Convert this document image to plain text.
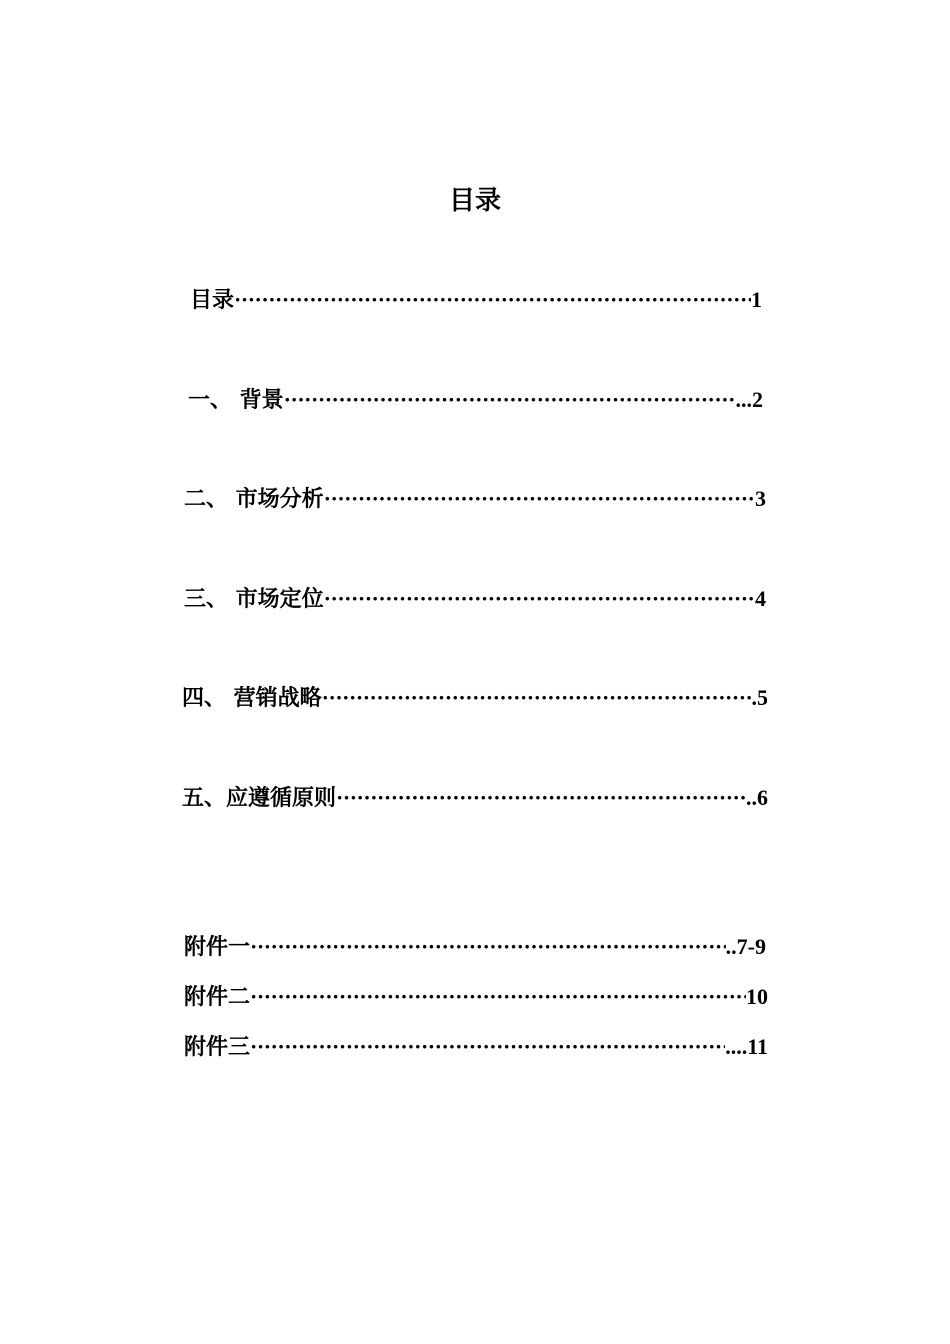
目录
目录 ·····	1
一、 背景 ·····	...2
二、 市场分析 ·····	3
三、 市场定位 ·····	4
四、 营销战略 ·····	.5
五、应遵循原则 ·····	..6
附件一 ·····	..7-9
附件二 ·····	10
附件三 ·····	....11
